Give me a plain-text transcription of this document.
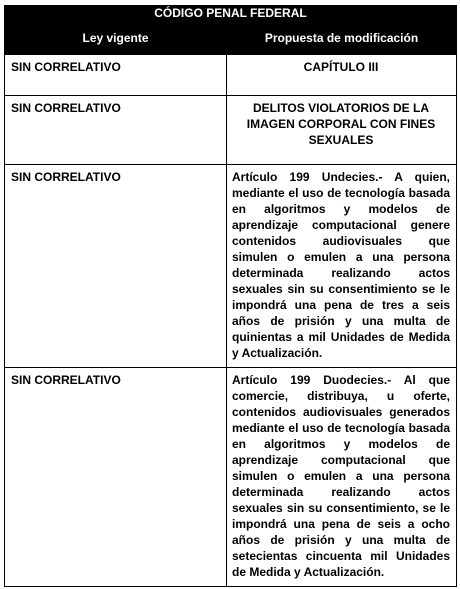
CÓDIGO PENAL FEDERAL	
Ley vigente	Propuesta de modificación
SIN CORRELATIVO	CAPÍTULO III
SIN CORRELATIVO	DELITOS VIOLATORIOS DE LA IMAGEN CORPORAL CON FINES SEXUALES
SIN CORRELATIVO	Artículo 199 Undecies.- A quien, mediante el uso de tecnología basada en algoritmos y modelos de aprendizaje computacional genere contenidos audiovisuales que simulen o emulen a una persona determinada realizando actos sexuales sin su consentimiento se le impondrá una pena de tres a seis años de prisión y una multa de quinientas a mil Unidades de Medida y Actualización.
SIN CORRELATIVO	Artículo 199 Duodecies.- Al que comercie, distribuya, u oferte, contenidos audiovisuales generados mediante el uso de tecnología basada en algoritmos y modelos de aprendizaje computacional que simulen o emulen a una persona determinada realizando actos sexuales sin su consentimiento, se le impondrá una pena de seis a ocho años de prisión y una multa de setecientas cincuenta mil Unidades de Medida y Actualización.
